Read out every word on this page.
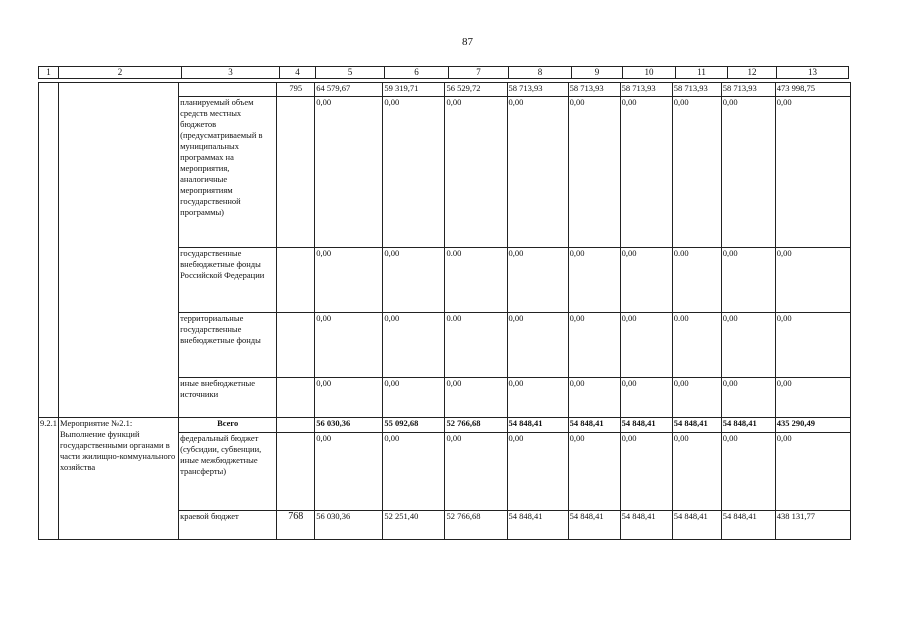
87
1	2	3	4	5	6	7	8	9	10	11	12	13
			795	64 579,67	59 319,71	56 529,72	58 713,93	58 713,93	58 713,93	58 713,93	58 713,93	473 998,75
		планируемый объем средств местных бюджетов (предусматриваемый в муниципальных программах на мероприятия, аналогичные мероприятиям государственной программы)		0,00	0,00	0,00	0,00	0,00	0,00	0,00	0,00	0,00
		государственные внебюджетные фонды Российской Федерации		0,00	0,00	0.00	0,00	0,00	0,00	0.00	0,00	0,00
		территориальные государственные внебюджетные фонды		0,00	0,00	0.00	0,00	0,00	0,00	0.00	0,00	0,00
		иные внебюджетные источники		0,00	0,00	0,00	0,00	0,00	0,00	0,00	0,00	0,00
9.2.1	Мероприятие №2.1: Выполнение функций государственными органами в части жилищно-коммунального хозяйства	Всего		56 030,36	55 092,68	52 766,68	54 848,41	54 848,41	54 848,41	54 848,41	54 848,41	435 290,49
		федеральный бюджет (субсидии, субвенции, иные межбюджетные трансферты)		0,00	0,00	0,00	0,00	0,00	0,00	0,00	0,00	0,00
		краевой бюджет	768	56 030,36	52 251,40	52 766,68	54 848,41	54 848,41	54 848,41	54 848,41	54 848,41	438 131,77
